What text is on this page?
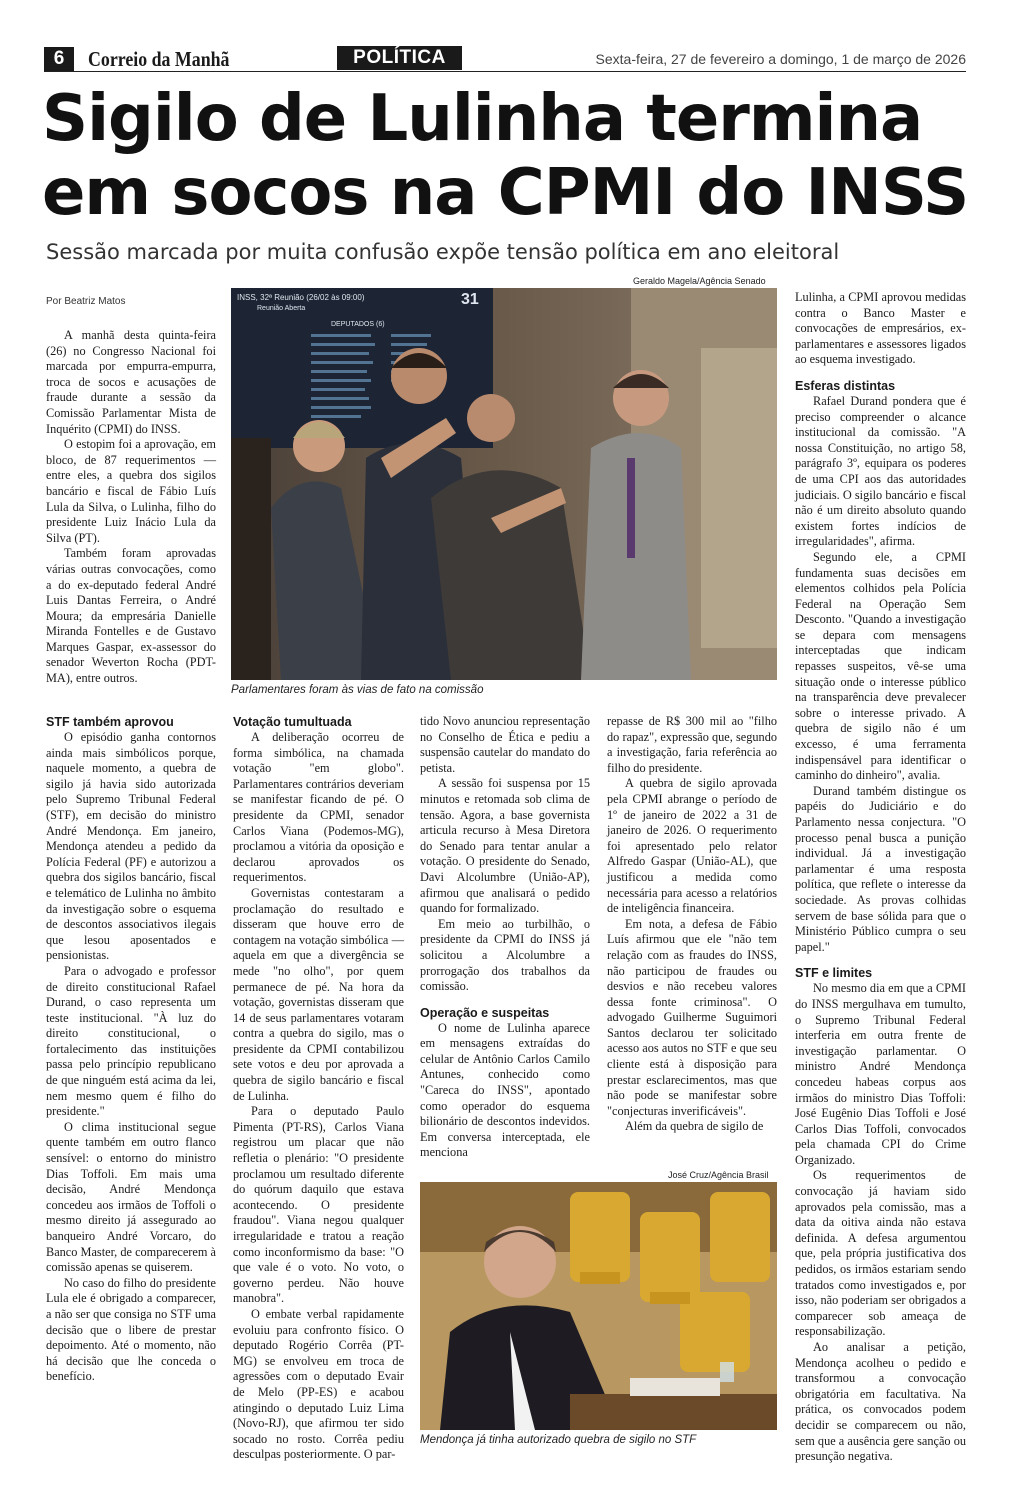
6	Correio da Manhã	POLÍTICA	Sexta-feira, 27 de fevereiro a domingo, 1 de março de 2026
Sigilo de Lulinha termina em socos na CPMI do INSS
Sessão marcada por muita confusão expõe tensão política em ano eleitoral
Por Beatriz Matos
Geraldo Magela/Agência Senado
INSS, 32ª Reunião (26/02 às 09:00)
Reunião Aberta
31
DEPUTADOS (6)
Parlamentares foram às vias de fato na comissão

A manhã desta quinta-feira (26) no Congresso Nacional foi marcada por empurra-empurra, troca de socos e acusações de fraude durante a sessão da Comissão Parlamentar Mista de Inquérito (CPMI) do INSS.

O estopim foi a aprovação, em bloco, de 87 requerimentos — entre eles, a quebra dos sigilos bancário e fiscal de Fábio Luís Lula da Silva, o Lulinha, filho do presidente Luiz Inácio Lula da Silva (PT).

Também foram aprovadas várias outras convocações, como a do ex-deputado federal André Luis Dantas Ferreira, o André Moura; da empresária Danielle Miranda Fontelles e de Gustavo Marques Gaspar, ex-assessor do senador Weverton Rocha (PDT-MA), entre outros.

STF também aprovou

O episódio ganha contornos ainda mais simbólicos porque, naquele momento, a quebra de sigilo já havia sido autorizada pelo Supremo Tribunal Federal (STF), em decisão do ministro André Mendonça. Em janeiro, Mendonça atendeu a pedido da Polícia Federal (PF) e autorizou a quebra dos sigilos bancário, fiscal e telemático de Lulinha no âmbito da investigação sobre o esquema de descontos associativos ilegais que lesou aposentados e pensionistas.

Para o advogado e professor de direito constitucional Rafael Durand, o caso representa um teste institucional. "À luz do direito constitucional, o fortalecimento das instituições passa pelo princípio republicano de que ninguém está acima da lei, nem mesmo quem é filho do presidente."

O clima institucional segue quente também em outro flanco sensível: o entorno do ministro Dias Toffoli. Em mais uma decisão, André Mendonça concedeu aos irmãos de Toffoli o mesmo direito já assegurado ao banqueiro André Vorcaro, do Banco Master, de comparecerem à comissão apenas se quiserem.

No caso do filho do presidente Lula ele é obrigado a comparecer, a não ser que consiga no STF uma decisão que o libere de prestar depoimento. Até o momento, não há decisão que lhe conceda o benefício.

Votação tumultuada

A deliberação ocorreu de forma simbólica, na chamada votação "em globo". Parlamentares contrários deveriam se manifestar ficando de pé. O presidente da CPMI, senador Carlos Viana (Podemos-MG), proclamou a vitória da oposição e declarou aprovados os requerimentos.

Governistas contestaram a proclamação do resultado e disseram que houve erro de contagem na votação simbólica — aquela em que a divergência se mede "no olho", por quem permanece de pé. Na hora da votação, governistas disseram que 14 de seus parlamentares votaram contra a quebra do sigilo, mas o presidente da CPMI contabilizou sete votos e deu por aprovada a quebra de sigilo bancário e fiscal de Lulinha.

Para o deputado Paulo Pimenta (PT-RS), Carlos Viana registrou um placar que não refletia o plenário: "O presidente proclamou um resultado diferente do quórum daquilo que estava acontecendo. O presidente fraudou". Viana negou qualquer irregularidade e tratou a reação como inconformismo da base: "O que vale é o voto. No voto, o governo perdeu. Não houve manobra".

O embate verbal rapidamente evoluiu para confronto físico. O deputado Rogério Corrêa (PT-MG) se envolveu em troca de agressões com o deputado Evair de Melo (PP-ES) e acabou atingindo o deputado Luiz Lima (Novo-RJ), que afirmou ter sido socado no rosto. Corrêa pediu desculpas posteriormente. O par-

tido Novo anunciou representação no Conselho de Ética e pediu a suspensão cautelar do mandato do petista.

A sessão foi suspensa por 15 minutos e retomada sob clima de tensão. Agora, a base governista articula recurso à Mesa Diretora do Senado para tentar anular a votação. O presidente do Senado, Davi Alcolumbre (União-AP), afirmou que analisará o pedido quando for formalizado.

Em meio ao turbilhão, o presidente da CPMI do INSS já solicitou a Alcolumbre a prorrogação dos trabalhos da comissão.

Operação e suspeitas

O nome de Lulinha aparece em mensagens extraídas do celular de Antônio Carlos Camilo Antunes, conhecido como "Careca do INSS", apontado como operador do esquema bilionário de descontos indevidos. Em conversa interceptada, ele menciona

repasse de R$ 300 mil ao "filho do rapaz", expressão que, segundo a investigação, faria referência ao filho do presidente.

A quebra de sigilo aprovada pela CPMI abrange o período de 1º de janeiro de 2022 a 31 de janeiro de 2026. O requerimento foi apresentado pelo relator Alfredo Gaspar (União-AL), que justificou a medida como necessária para acesso a relatórios de inteligência financeira.

Em nota, a defesa de Fábio Luís afirmou que ele "não tem relação com as fraudes do INSS, não participou de fraudes ou desvios e não recebeu valores dessa fonte criminosa". O advogado Guilherme Suguimori Santos declarou ter solicitado acesso aos autos no STF e que seu cliente está à disposição para prestar esclarecimentos, mas que não pode se manifestar sobre "conjecturas inverificáveis".

Além da quebra de sigilo de

José Cruz/Agência Brasil
Mendonça já tinha autorizado quebra de sigilo no STF

Lulinha, a CPMI aprovou medidas contra o Banco Master e convocações de empresários, ex-parlamentares e assessores ligados ao esquema investigado.

Esferas distintas

Rafael Durand pondera que é preciso compreender o alcance institucional da comissão. "A nossa Constituição, no artigo 58, parágrafo 3º, equipara os poderes de uma CPI aos das autoridades judiciais. O sigilo bancário e fiscal não é um direito absoluto quando existem fortes indícios de irregularidades", afirma.

Segundo ele, a CPMI fundamenta suas decisões em elementos colhidos pela Polícia Federal na Operação Sem Desconto. "Quando a investigação se depara com mensagens interceptadas que indicam repasses suspeitos, vê-se uma situação onde o interesse público na transparência deve prevalecer sobre o interesse privado. A quebra de sigilo não é um excesso, é uma ferramenta indispensável para identificar o caminho do dinheiro", avalia.

Durand também distingue os papéis do Judiciário e do Parlamento nessa conjectura. "O processo penal busca a punição individual. Já a investigação parlamentar é uma resposta política, que reflete o interesse da sociedade. As provas colhidas servem de base sólida para que o Ministério Público cumpra o seu papel."

STF e limites

No mesmo dia em que a CPMI do INSS mergulhava em tumulto, o Supremo Tribunal Federal interferia em outra frente de investigação parlamentar. O ministro André Mendonça concedeu habeas corpus aos irmãos do ministro Dias Toffoli: José Eugênio Dias Toffoli e José Carlos Dias Toffoli, convocados pela chamada CPI do Crime Organizado.

Os requerimentos de convocação já haviam sido aprovados pela comissão, mas a data da oitiva ainda não estava definida. A defesa argumentou que, pela própria justificativa dos pedidos, os irmãos estariam sendo tratados como investigados e, por isso, não poderiam ser obrigados a comparecer sob ameaça de responsabilização.

Ao analisar a petição, Mendonça acolheu o pedido e transformou a convocação obrigatória em facultativa. Na prática, os convocados podem decidir se comparecem ou não, sem que a ausência gere sanção ou presunção negativa.
